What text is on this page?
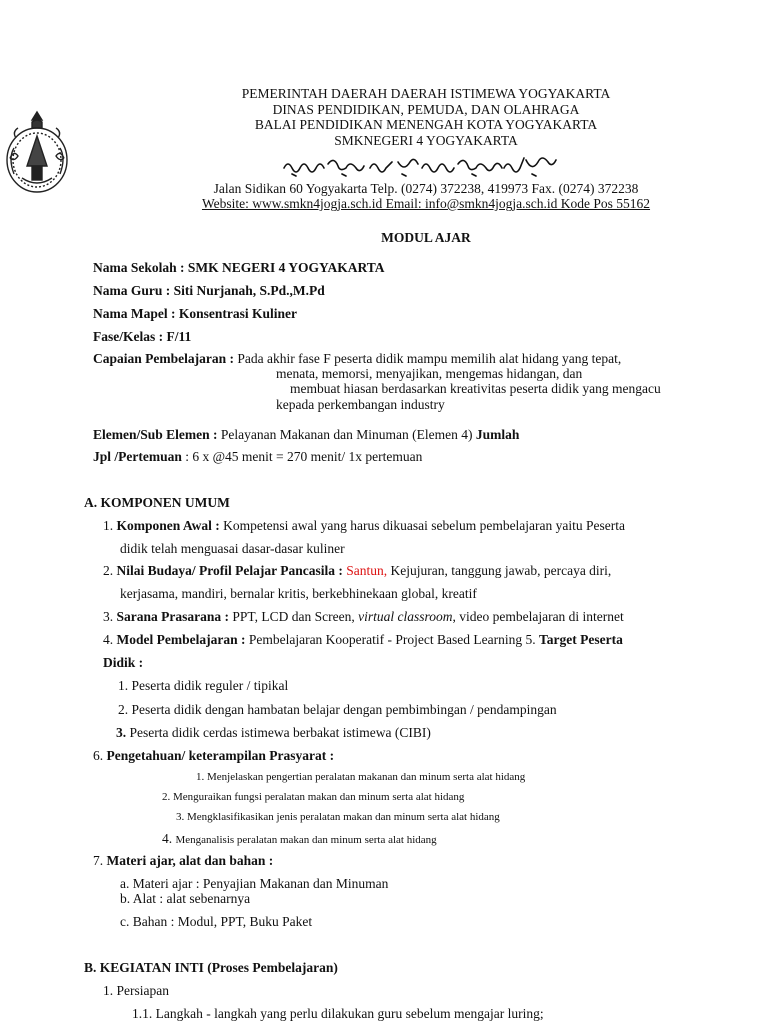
PEMERINTAH DAERAH DAERAH ISTIMEWA YOGYAKARTA
DINAS PENDIDIKAN, PEMUDA, DAN OLAHRAGA
BALAI PENDIDIKAN MENENGAH KOTA YOGYAKARTA
SMKNEGERI 4 YOGYAKARTA
Jalan Sidikan 60 Yogyakarta Telp. (0274) 372238, 419973 Fax. (0274) 372238
Website: www.smkn4jogja.sch.id Email: info@smkn4jogja.sch.id Kode Pos 55162
MODUL AJAR
Nama Sekolah : SMK NEGERI 4 YOGYAKARTA
Nama Guru : Siti Nurjanah, S.Pd.,M.Pd
Nama Mapel : Konsentrasi Kuliner
Fase/Kelas : F/11
Capaian Pembelajaran : Pada akhir fase F peserta didik mampu memilih alat hidang yang tepat,
menata, memorsi, menyajikan, mengemas hidangan, dan
membuat hiasan berdasarkan kreativitas peserta didik yang mengacu
kepada perkembangan industry
Elemen/Sub Elemen : Pelayanan Makanan dan Minuman (Elemen 4) Jumlah
Jpl /Pertemuan : 6 x @45 menit = 270 menit/ 1x pertemuan
A. KOMPONEN UMUM
1. Komponen Awal : Kompetensi awal yang harus dikuasai sebelum pembelajaran yaitu Peserta
didik telah menguasai dasar-dasar kuliner
2. Nilai Budaya/ Profil Pelajar Pancasila : Santun, Kejujuran, tanggung jawab, percaya diri,
kerjasama, mandiri, bernalar kritis, berkebhinekaan global, kreatif
3. Sarana Prasarana : PPT, LCD dan Screen, virtual classroom, video pembelajaran di internet
4. Model Pembelajaran : Pembelajaran Kooperatif - Project Based Learning 5. Target Peserta
Didik :
1. Peserta didik reguler / tipikal
2. Peserta didik dengan hambatan belajar dengan pembimbingan / pendampingan
3. Peserta didik cerdas istimewa berbakat istimewa (CIBI)
6. Pengetahuan/ keterampilan Prasyarat :
1. Menjelaskan pengertian peralatan makanan dan minum serta alat hidang
2. Menguraikan fungsi peralatan makan dan minum serta alat hidang
3. Mengklasifikasikan jenis peralatan makan dan minum serta alat hidang
4. Menganalisis peralatan makan dan minum serta alat hidang
7. Materi ajar, alat dan bahan :
a. Materi ajar : Penyajian Makanan dan Minuman
b. Alat : alat sebenarnya
c. Bahan : Modul, PPT, Buku Paket
B. KEGIATAN INTI (Proses Pembelajaran)
1. Persiapan
1.1. Langkah - langkah yang perlu dilakukan guru sebelum mengajar luring;
